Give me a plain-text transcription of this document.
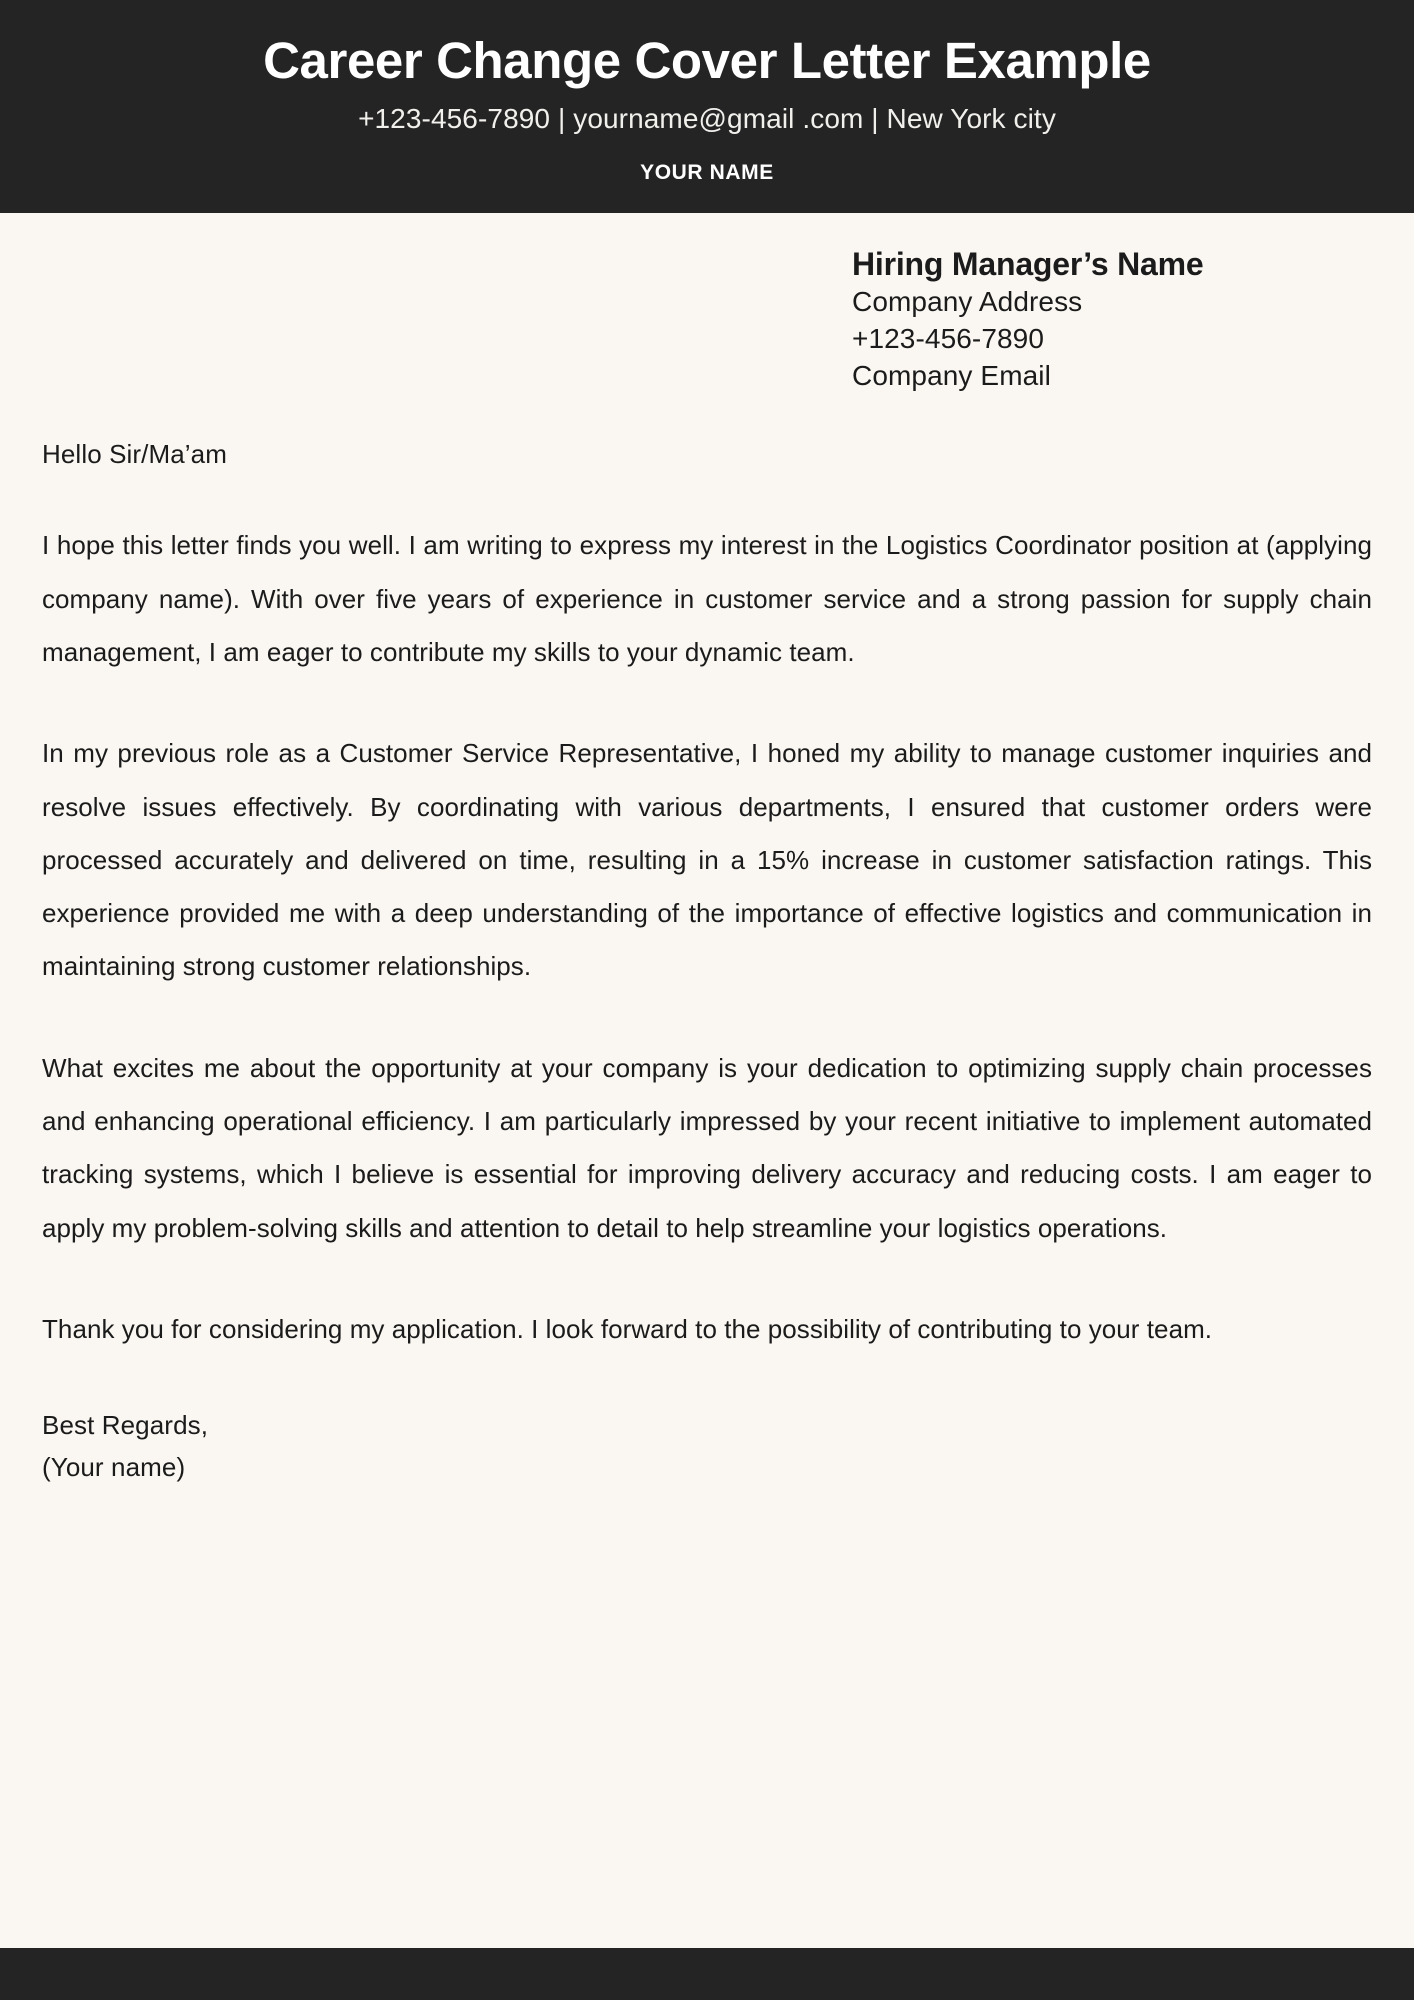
Career Change Cover Letter Example
+123-456-7890 | yourname@gmail .com | New York city
YOUR NAME
Hiring Manager’s Name
Company Address
+123-456-7890
Company Email
Hello Sir/Ma’am
I hope this letter finds you well. I am writing to express my interest in the Logistics Coordinator position at (applying company name). With over five years of experience in customer service and a strong passion for supply chain management, I am eager to contribute my skills to your dynamic team.
In my previous role as a Customer Service Representative, I honed my ability to manage customer inquiries and resolve issues effectively. By coordinating with various departments, I ensured that customer orders were processed accurately and delivered on time, resulting in a 15% increase in customer satisfaction ratings. This experience provided me with a deep understanding of the importance of effective logistics and communication in maintaining strong customer relationships.
What excites me about the opportunity at your company is your dedication to optimizing supply chain processes and enhancing operational efficiency. I am particularly impressed by your recent initiative to implement automated tracking systems, which I believe is essential for improving delivery accuracy and reducing costs. I am eager to apply my problem-solving skills and attention to detail to help streamline your logistics operations.
Thank you for considering my application. I look forward to the possibility of contributing to your team.
Best Regards,
(Your name)
